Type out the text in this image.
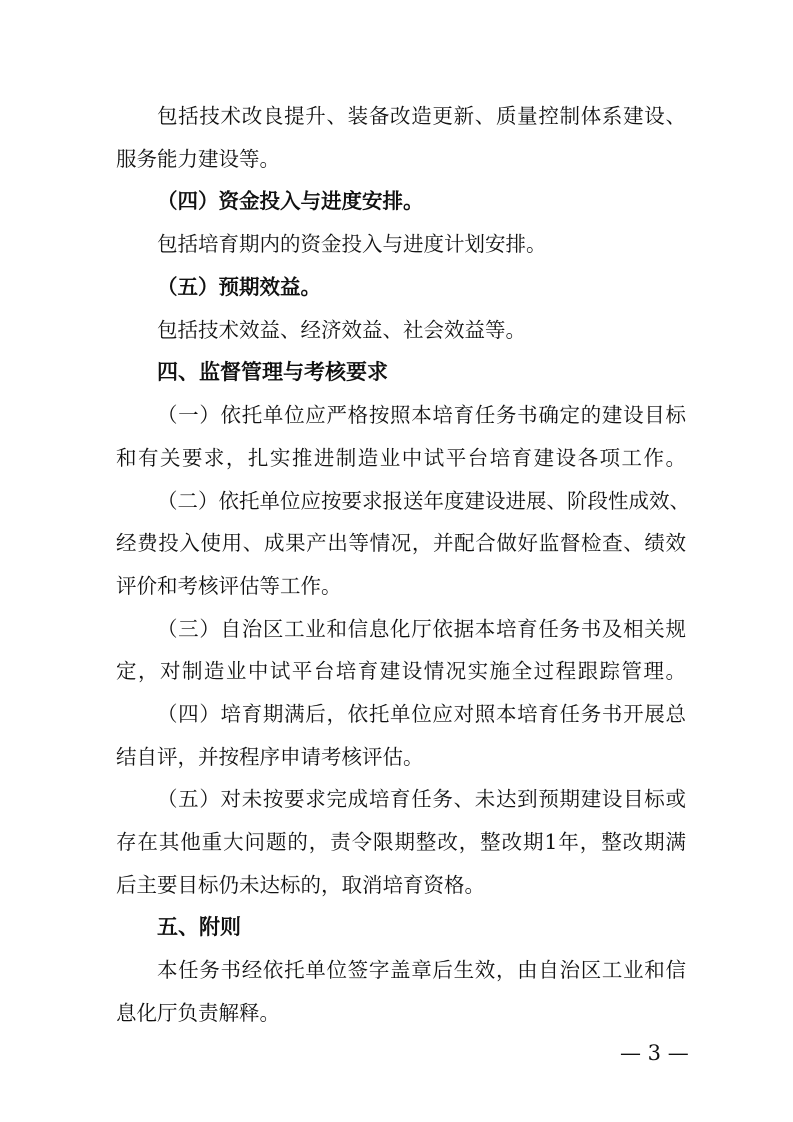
包括技术改良提升、装备改造更新、质量控制体系建设、
服务能力建设等。
（四）资金投入与进度安排。
包括培育期内的资金投入与进度计划安排。
（五）预期效益。
包括技术效益、经济效益、社会效益等。
四、监督管理与考核要求
（一）依托单位应严格按照本培育任务书确定的建设目标
和有关要求，扎实推进制造业中试平台培育建设各项工作。
（二）依托单位应按要求报送年度建设进展、阶段性成效、
经费投入使用、成果产出等情况，并配合做好监督检查、绩效
评价和考核评估等工作。
（三）自治区工业和信息化厅依据本培育任务书及相关规
定，对制造业中试平台培育建设情况实施全过程跟踪管理。
（四）培育期满后，依托单位应对照本培育任务书开展总
结自评，并按程序申请考核评估。
（五）对未按要求完成培育任务、未达到预期建设目标或
存在其他重大问题的，责令限期整改，整改期1年，整改期满
后主要目标仍未达标的，取消培育资格。
五、附则
本任务书经依托单位签字盖章后生效，由自治区工业和信
息化厅负责解释。
— 3 —
